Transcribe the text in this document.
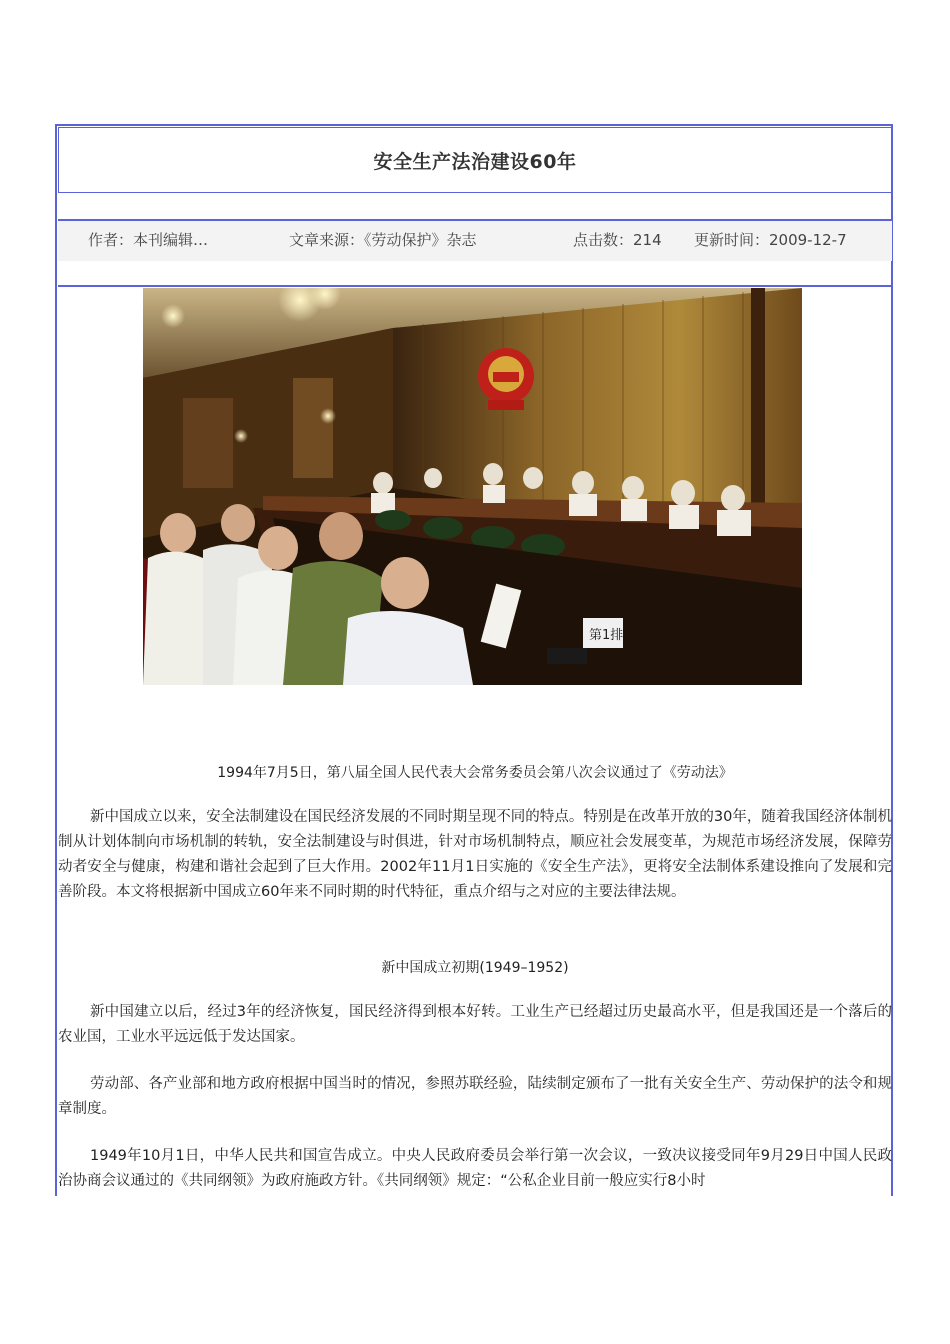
安全生产法治建设60年
作者：本刊编辑…	文章来源：《劳动保护》杂志	点击数：214 更新时间：2009-12-7
第1排
1994年7月5日，第八届全国人民代表大会常务委员会第八次会议通过了《劳动法》

新中国成立以来，安全法制建设在国民经济发展的不同时期呈现不同的特点。特别是在改革开放的30年，随着我国经济体制机制从计划体制向市场机制的转轨，安全法制建设与时俱进，针对市场机制特点，顺应社会发展变革，为规范市场经济发展，保障劳动者安全与健康，构建和谐社会起到了巨大作用。2002年11月1日实施的《安全生产法》，更将安全法制体系建设推向了发展和完善阶段。本文将根据新中国成立60年来不同时期的时代特征，重点介绍与之对应的主要法律法规。

新中国成立初期(1949–1952)

新中国建立以后，经过3年的经济恢复，国民经济得到根本好转。工业生产已经超过历史最高水平，但是我国还是一个落后的农业国，工业水平远远低于发达国家。

劳动部、各产业部和地方政府根据中国当时的情况，参照苏联经验，陆续制定颁布了一批有关安全生产、劳动保护的法令和规章制度。

1949年10月1日，中华人民共和国宣告成立。中央人民政府委员会举行第一次会议，一致决议接受同年9月29日中国人民政治协商会议通过的《共同纲领》为政府施政方针。《共同纲领》规定：“公私企业目前一般应实行8小时
